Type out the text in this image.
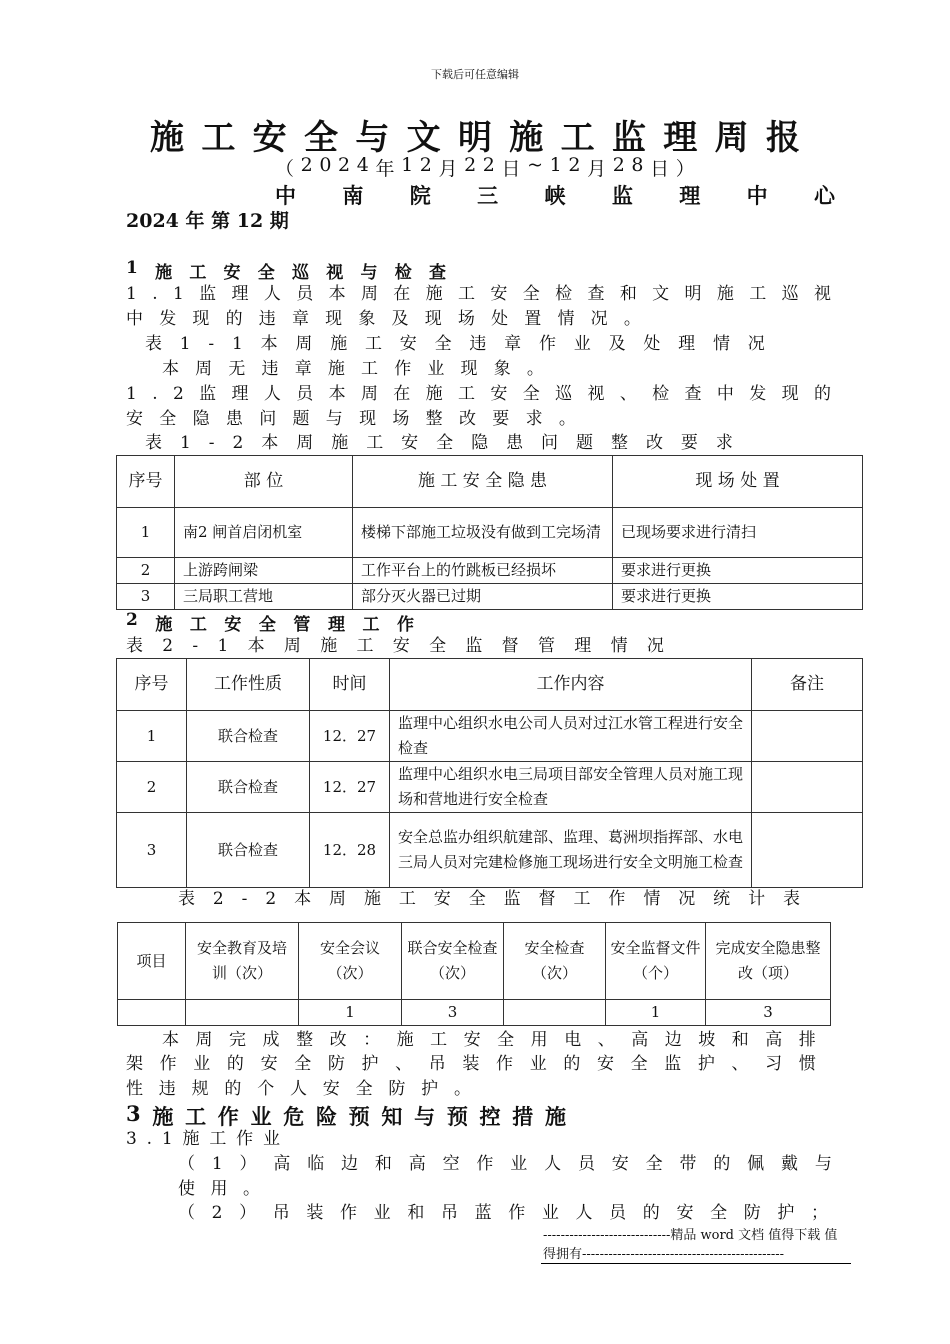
下载后可任意编辑
施 工 安 全 与 文 明 施 工 监 理 周 报
（ 2 0 2 4 年 1 2 月 2 2 日 ~ 1 2 月 2 8 日 ）
中 南 院 三 峡 监 理 中 心
2024 年 第 12 期
1 施 工 安 全 巡 视 与 检 查
1 . 1 监 理 人 员 本 周 在 施 工 安 全 检 查 和 文 明 施 工 巡 视
中 发 现 的 违 章 现 象 及 现 场 处 置 情 况 。
表 1 - 1 本 周 施 工 安 全 违 章 作 业 及 处 理 情 况
本 周 无 违 章 施 工 作 业 现 象 。
1 . 2 监 理 人 员 本 周 在 施 工 安 全 巡 视 、 检 查 中 发 现 的
安 全 隐 患 问 题 与 现 场 整 改 要 求 。
表 1 - 2 本 周 施 工 安 全 隐 患 问 题 整 改 要 求
序号	部 位	施 工 安 全 隐 患	现 场 处 置
1	南2 闸首启闭机室	楼梯下部施工垃圾没有做到工完场清	已现场要求进行清扫
2	上游跨闸梁	工作平台上的竹跳板已经损坏	要求进行更换
3	三局职工营地	部分灭火器已过期	要求进行更换
2 施 工 安 全 管 理 工 作
表 2 - 1 本 周 施 工 安 全 监 督 管 理 情 况
序号	工作性质	时间	工作内容	备注
1	联合检查	12．27	监理中心组织水电公司人员对过江水管工程进行安全检查	
2	联合检查	12．27	监理中心组织水电三局项目部安全管理人员对施工现场和营地进行安全检查	
3	联合检查	12．28	安全总监办组织航建部、监理、葛洲坝指挥部、水电三局人员对完建检修施工现场进行安全文明施工检查	
表 2 - 2 本 周 施 工 安 全 监 督 工 作 情 况 统 计 表
项目	安全教育及培训（次）	安全会议（次）	联合安全检查（次）	安全检查（次）	安全监督文件（个）	完成安全隐患整改（项）
		1	3		1	3
本 周 完 成 整 改 ： 施 工 安 全 用 电 、 高 边 坡 和 高 排
架 作 业 的 安 全 防 护 、 吊 装 作 业 的 安 全 监 护 、 习 惯
性 违 规 的 个 人 安 全 防 护 。
3 施 工 作 业 危 险 预 知 与 预 控 措 施
3 . 1 施 工 作 业
（ 1 ） 高 临 边 和 高 空 作 业 人 员 安 全 带 的 佩 戴 与
使 用 。
（ 2 ） 吊 装 作 业 和 吊 蓝 作 业 人 员 的 安 全 防 护 ；
-----------------------------精品 word 文档 值得下载 值得拥有----------------------------------------------
